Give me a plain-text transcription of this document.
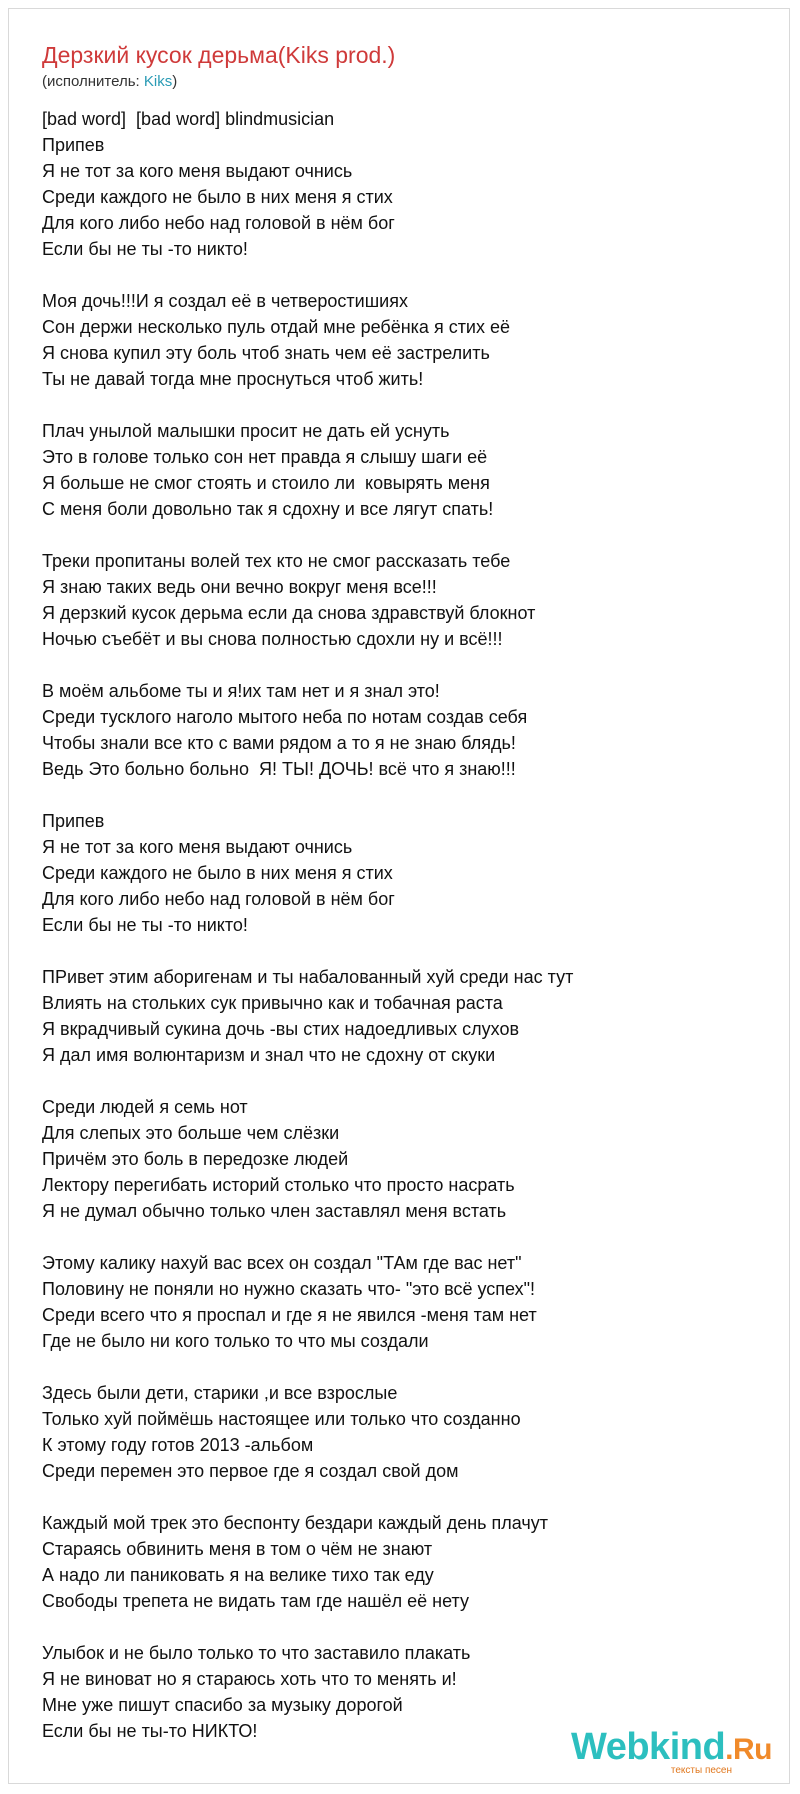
Дерзкий кусок дерьма(Kiks prod.)
(исполнитель: Kiks)
[bad word]  [bad word] blindmusician
Припев
Я не тот за кого меня выдают очнись
Среди каждого не было в них меня я стих
Для кого либо небо над головой в нём бог
Если бы не ты -то никто!
Моя дочь!!!И я создал её в четверостишиях
Сон держи несколько пуль отдай мне ребёнка я стих её
Я снова купил эту боль чтоб знать чем её застрелить
Ты не давай тогда мне проснуться чтоб жить!
Плач унылой малышки просит не дать ей уснуть
Это в голове только сон нет правда я слышу шаги её
Я больше не смог стоять и стоило ли  ковырять меня
С меня боли довольно так я сдохну и все лягут спать!
Треки пропитаны волей тех кто не смог рассказать тебе
Я знаю таких ведь они вечно вокруг меня все!!!
Я дерзкий кусок дерьма если да снова здравствуй блокнот
Ночью съебёт и вы снова полностью сдохли ну и всё!!!
В моём альбоме ты и я!их там нет и я знал это!
Среди тусклого наголо мытого неба по нотам создав себя
Чтобы знали все кто с вами рядом а то я не знаю блядь!
Ведь Это больно больно  Я! ТЫ! ДОЧЬ! всё что я знаю!!!
Припев
Я не тот за кого меня выдают очнись
Среди каждого не было в них меня я стих
Для кого либо небо над головой в нём бог
Если бы не ты -то никто!
ПРивет этим аборигенам и ты набалованный хуй среди нас тут
Влиять на стольких сук привычно как и тобачная раста
Я вкрадчивый сукина дочь -вы стих надоедливых слухов
Я дал имя волюнтаризм и знал что не сдохну от скуки
Среди людей я семь нот
Для слепых это больше чем слёзки
Причём это боль в передозке людей
Лектору перегибать историй столько что просто насрать
Я не думал обычно только член заставлял меня встать
Этому калику нахуй вас всех он создал "ТАм где вас нет"
Половину не поняли но нужно сказать что- "это всё успех"!
Среди всего что я проспал и где я не явился -меня там нет
Где не было ни кого только то что мы создали
Здесь были дети, старики ,и все взрослые
Только хуй поймёшь настоящее или только что созданно
К этому году готов 2013 -альбом
Среди перемен это первое где я создал свой дом
Каждый мой трек это беспонту бездари каждый день плачут
Стараясь обвинить меня в том о чём не знают
А надо ли паниковать я на велике тихо так еду
Свободы трепета не видать там где нашёл её нету
Улыбок и не было только то что заставило плакать
Я не виноват но я стараюсь хоть что то менять и!
Мне уже пишут спасибо за музыку дорогой
Если бы не ты-то НИКТО!	Webkind.Ru
тексты песен
